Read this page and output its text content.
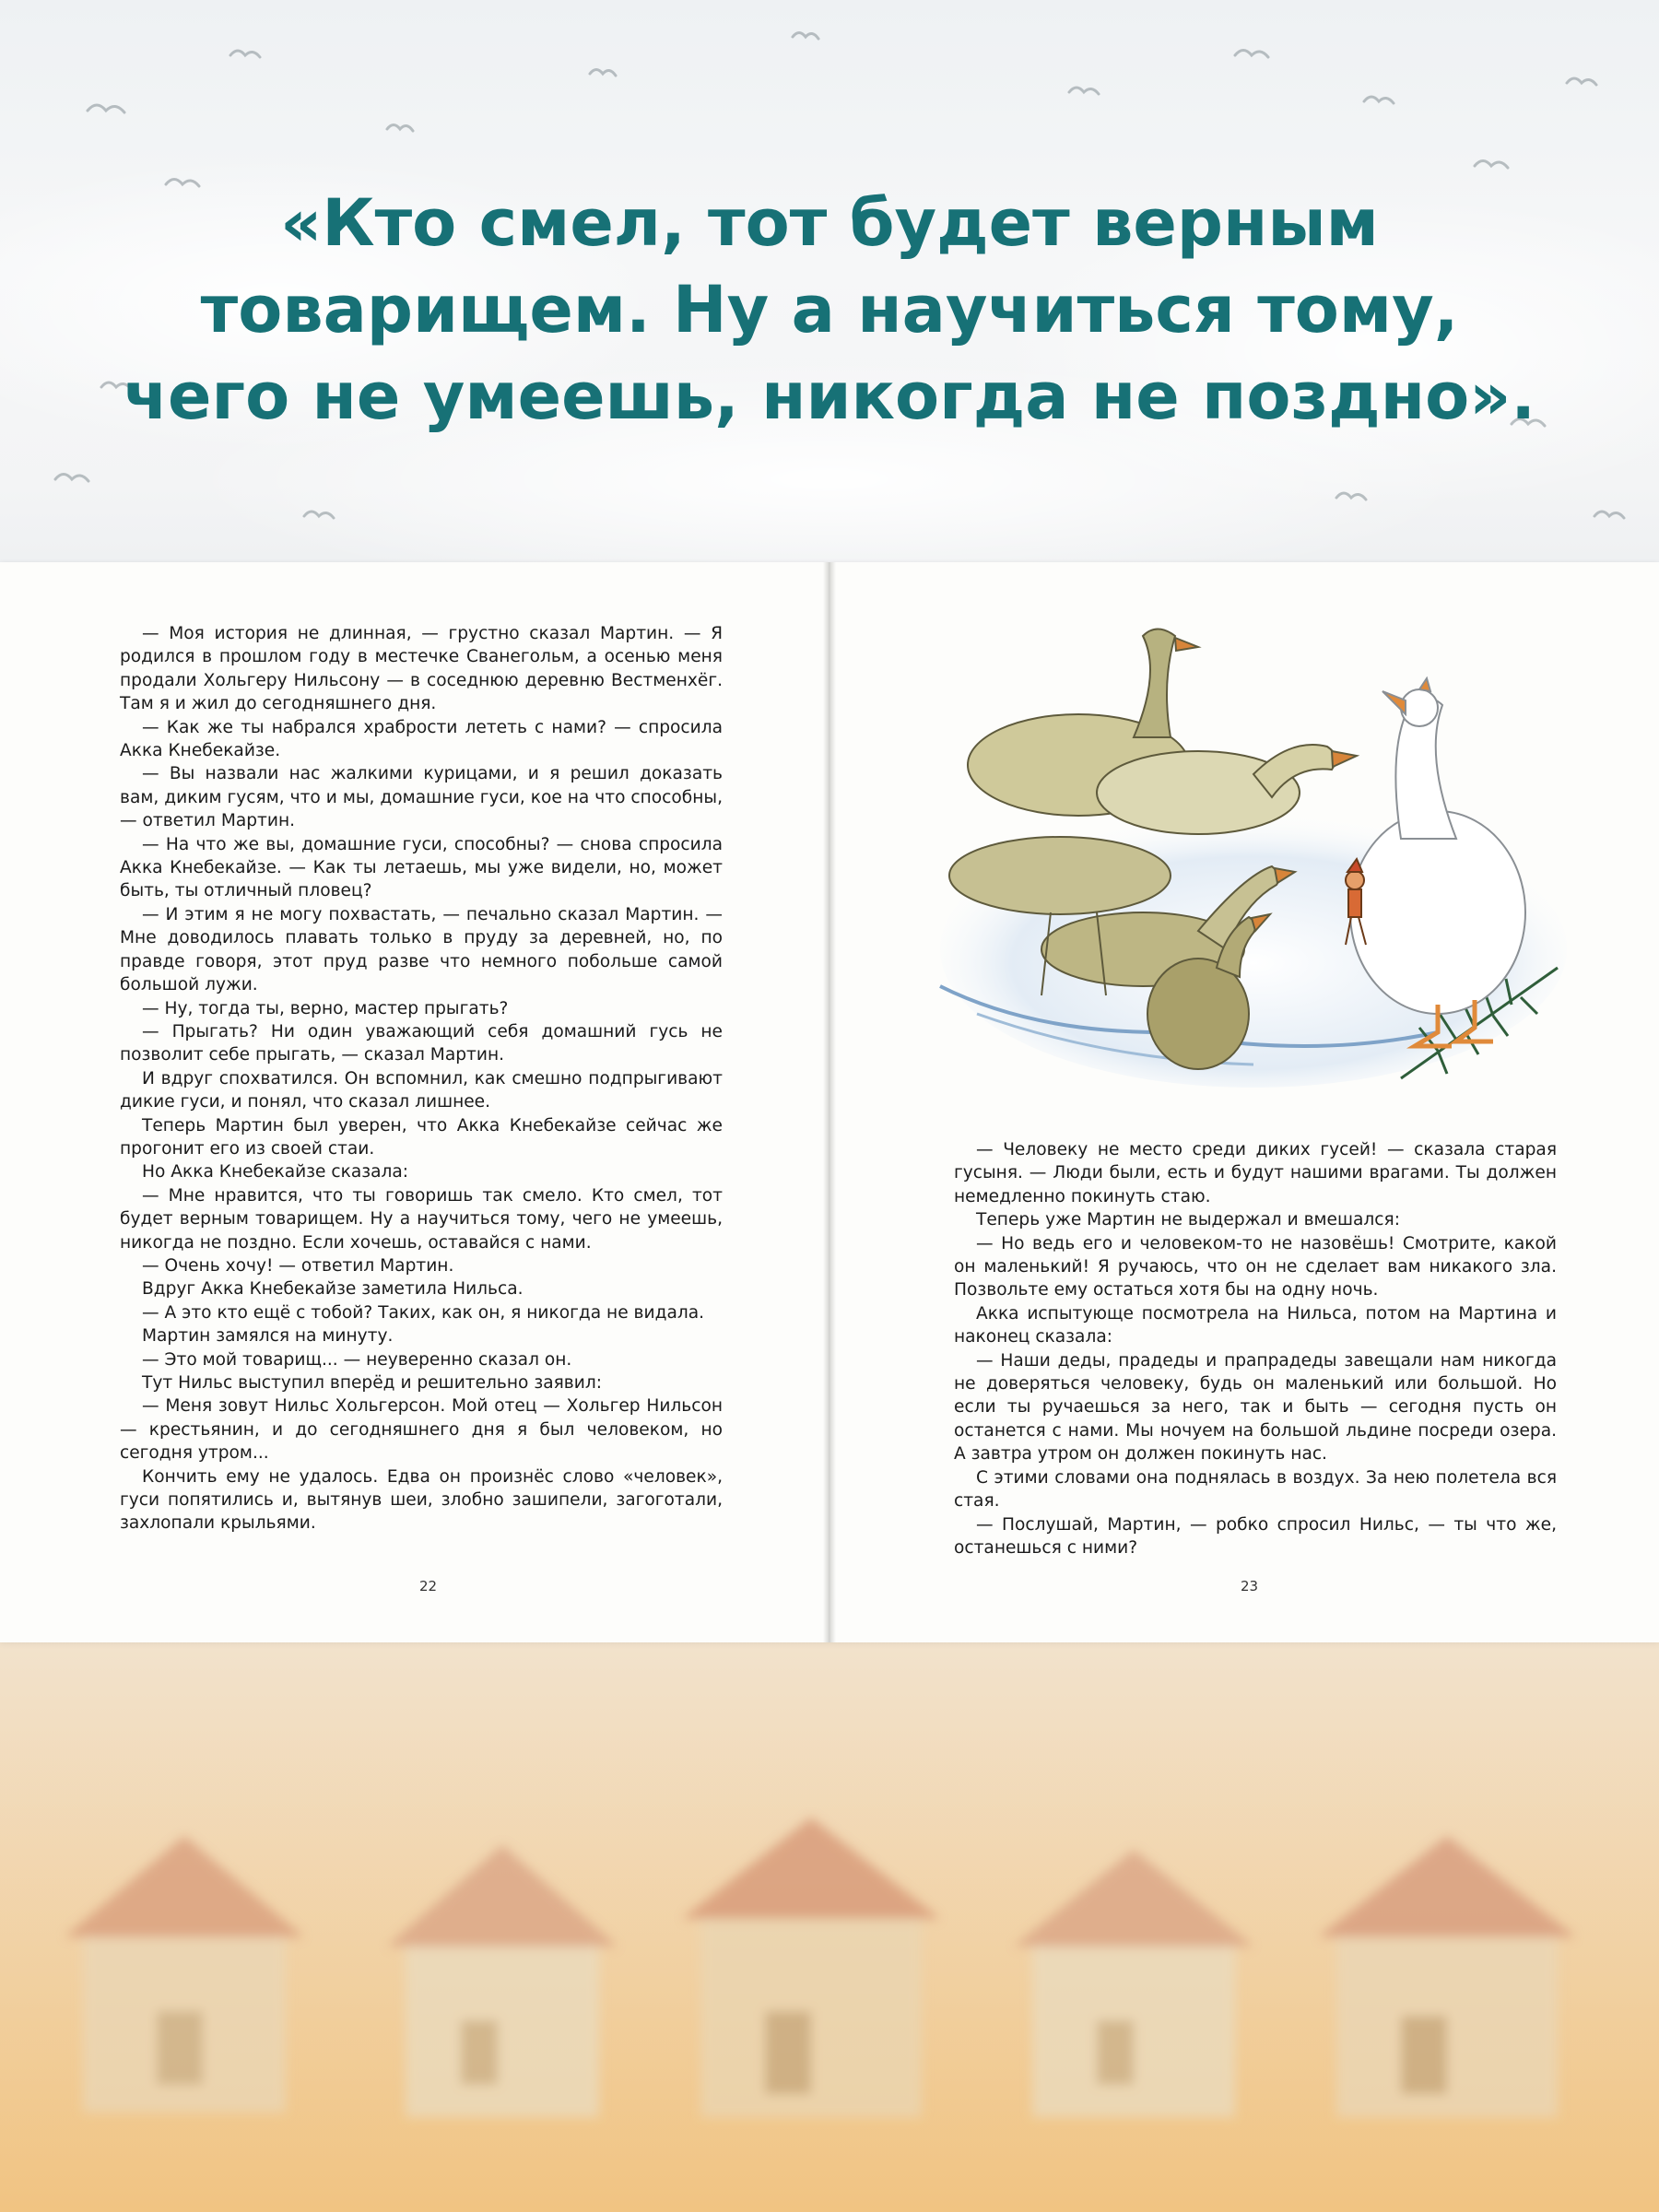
«Кто смел, тот будет верным
товарищем. Ну а научиться тому,
чего не умеешь, никогда не поздно».

— Моя история не длинная, — грустно сказал Мартин. — Я родился в прошлом году в местечке Сванегольм, а осенью меня продали Хольгеру Нильсону — в соседнюю деревню Вестменхёг. Там я и жил до сегодняшнего дня.

— Как же ты набрался храбрости лететь с нами? — спросила Акка Кнебекайзе.

— Вы назвали нас жалкими курицами, и я решил доказать вам, диким гусям, что и мы, домашние гуси, кое на что способны, — ответил Мартин.

— На что же вы, домашние гуси, способны? — снова спросила Акка Кнебекайзе. — Как ты летаешь, мы уже видели, но, может быть, ты отличный пловец?

— И этим я не могу похвастать, — печально сказал Мартин. — Мне доводилось плавать только в пруду за деревней, но, по правде говоря, этот пруд разве что немного побольше самой большой лужи.

— Ну, тогда ты, верно, мастер прыгать?

— Прыгать? Ни один уважающий себя домашний гусь не позволит себе прыгать, — сказал Мартин.

И вдруг спохватился. Он вспомнил, как смешно подпрыгивают дикие гуси, и понял, что сказал лишнее.

Теперь Мартин был уверен, что Акка Кнебекайзе сейчас же прогонит его из своей стаи.

Но Акка Кнебекайзе сказала:

— Мне нравится, что ты говоришь так смело. Кто смел, тот будет верным товарищем. Ну а научиться тому, чего не умеешь, никогда не поздно. Если хочешь, оставайся с нами.

— Очень хочу! — ответил Мартин.

Вдруг Акка Кнебекайзе заметила Нильса.

— А это кто ещё с тобой? Таких, как он, я никогда не видала.

Мартин замялся на минуту.

— Это мой товарищ... — неуверенно сказал он.

Тут Нильс выступил вперёд и решительно заявил:

— Меня зовут Нильс Хольгерсон. Мой отец — Хольгер Нильсон — крестьянин, и до сегодняшнего дня я был человеком, но сегодня утром...

Кончить ему не удалось. Едва он произнёс слово «человек», гуси попятились и, вытянув шеи, злобно зашипели, загоготали, захлопали крыльями.

22

— Человеку не место среди диких гусей! — сказала старая гусыня. — Люди были, есть и будут нашими врагами. Ты должен немедленно покинуть стаю.

Теперь уже Мартин не выдержал и вмешался:

— Но ведь его и человеком-то не назовёшь! Смотрите, какой он маленький! Я ручаюсь, что он не сделает вам никакого зла. Позвольте ему остаться хотя бы на одну ночь.

Акка испытующе посмотрела на Нильса, потом на Мартина и наконец сказала:

— Наши деды, прадеды и прапрадеды завещали нам никогда не доверяться человеку, будь он маленький или большой. Но если ты ручаешься за него, так и быть — сегодня пусть он останется с нами. Мы ночуем на большой льдине посреди озера. А завтра утром он должен покинуть нас.

С этими словами она поднялась в воздух. За нею полетела вся стая.

— Послушай, Мартин, — робко спросил Нильс, — ты что же, останешься с ними?

23
